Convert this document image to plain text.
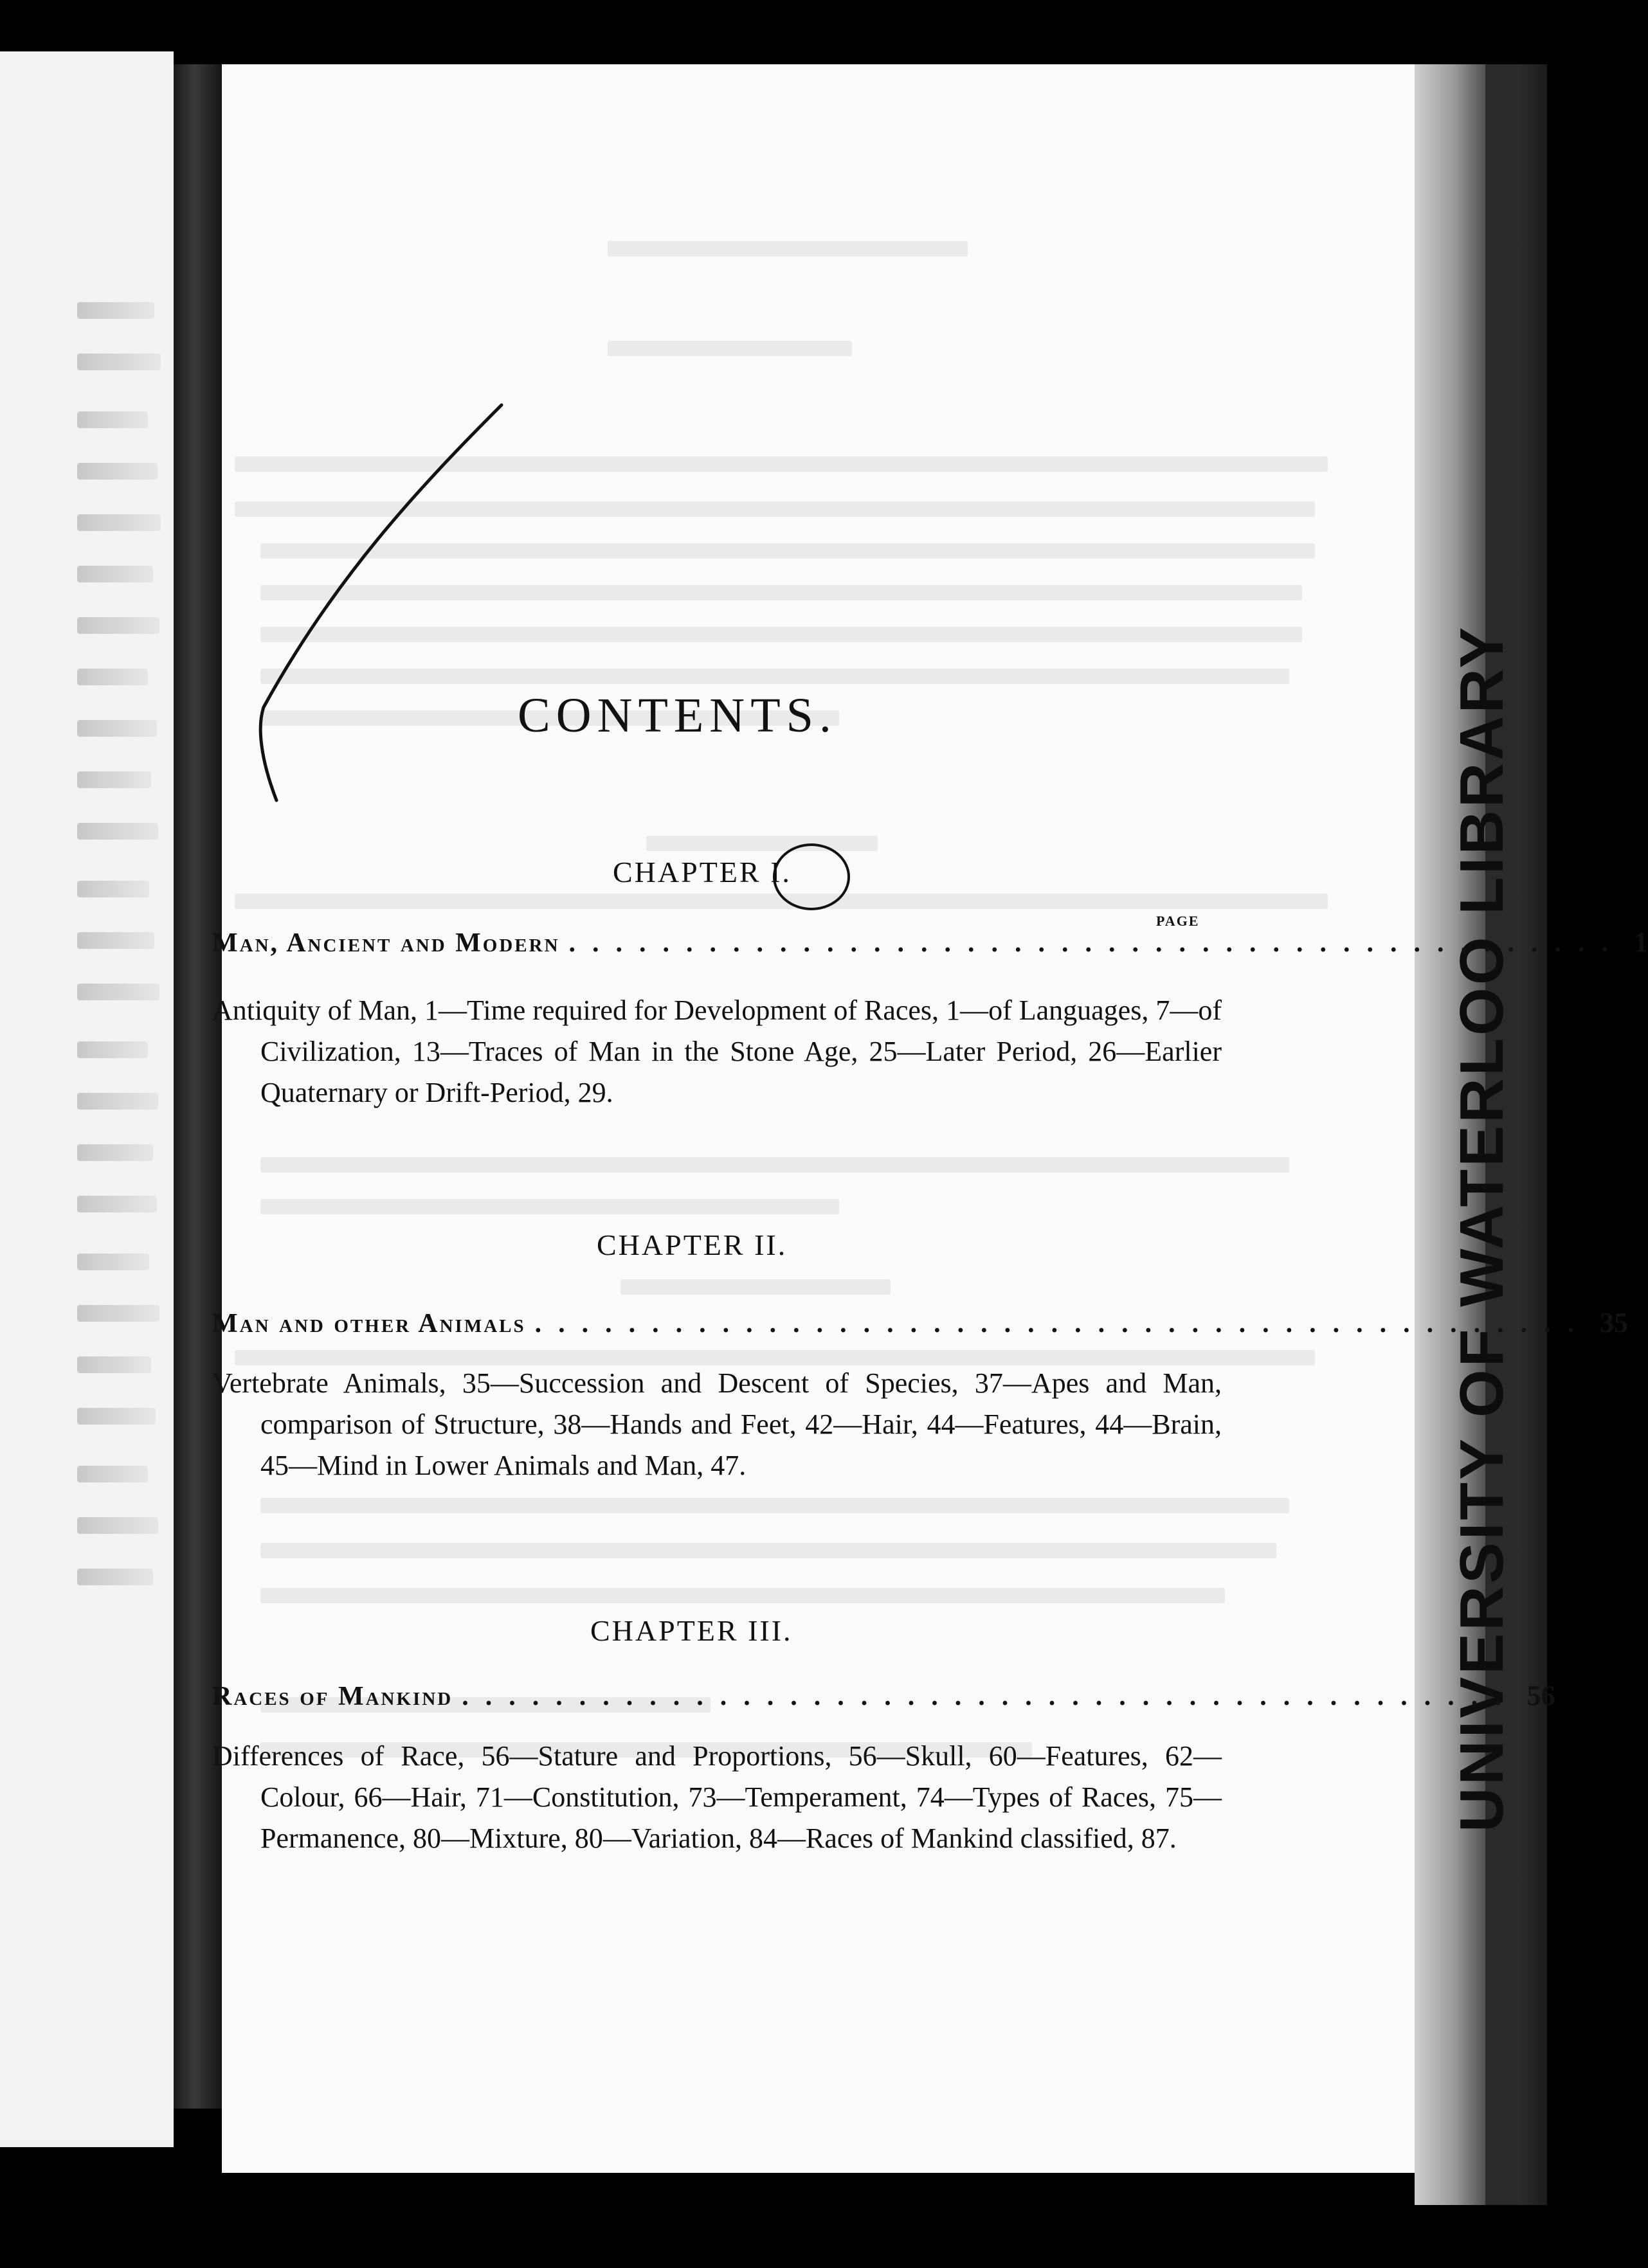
UNIVERSITY OF WATERLOO LIBRARY
CONTENTS.
CHAPTER I.
PAGE
Man, Ancient and Modern ............................................. 1
Antiquity of Man, 1—Time required for Development of Races, 1—of Languages, 7—of Civilization, 13—Traces of Man in the Stone Age, 25—Later Period, 26—Earlier Quaternary or Drift-Period, 29.
CHAPTER II.
Man and other Animals ............................................. 35
Vertebrate Animals, 35—Succession and Descent of Species, 37—Apes and Man, comparison of Structure, 38—Hands and Feet, 42—Hair, 44—Features, 44—Brain, 45—Mind in Lower Animals and Man, 47.
CHAPTER III.
Races of Mankind ............................................. 56
Differences of Race, 56—Stature and Proportions, 56—Skull, 60—Features, 62—Colour, 66—Hair, 71—Constitution, 73—Temperament, 74—Types of Races, 75—Permanence, 80—Mixture, 80—Variation, 84—Races of Mankind classified, 87.
